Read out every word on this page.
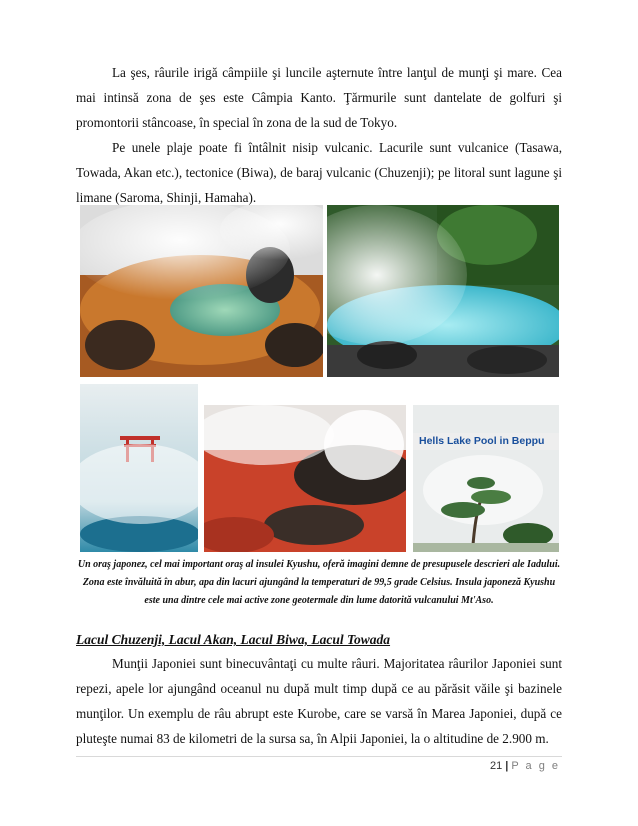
La şes, râurile irigă câmpiile şi luncile aşternute între lanţul de munţi şi mare. Cea mai intinsă zona de şes este Câmpia Kanto. Ţărmurile sunt dantelate de golfuri şi promontorii stâncoase, în special în zona de la sud de Tokyo.

Pe unele plaje poate fi întâlnit nisip vulcanic. Lacurile sunt vulcanice (Tasawa, Towada, Akan etc.), tectonice (Biwa), de baraj vulcanic (Chuzenji); pe litoral sunt lagune şi limane (Saroma, Shinji, Hamaha).

Hells Lake Pool in Beppu
Un oraş japonez, cel mai important oraş al insulei Kyushu, oferă imagini demne de presupusele descrieri ale Iadului. Zona este învăluită în abur, apa din lacuri ajungând la temperaturi de 99,5 grade Celsius. Insula japoneză Kyushu este una dintre cele mai active zone geotermale din lume datorită vulcanului Mt'Aso.
Lacul Chuzenji, Lacul Akan, Lacul Biwa, Lacul Towada

Munţii Japoniei sunt binecuvântaţi cu multe râuri. Majoritatea râurilor Japoniei sunt repezi, apele lor ajungând oceanul nu după mult timp după ce au părăsit văile şi bazinele munţilor. Un exemplu de râu abrupt este Kurobe, care se varsă în Marea Japoniei, după ce pluteşte numai 83 de kilometri de la sursa sa, în Alpii Japoniei, la o altitudine de 2.900 m.

21 | P a g e
